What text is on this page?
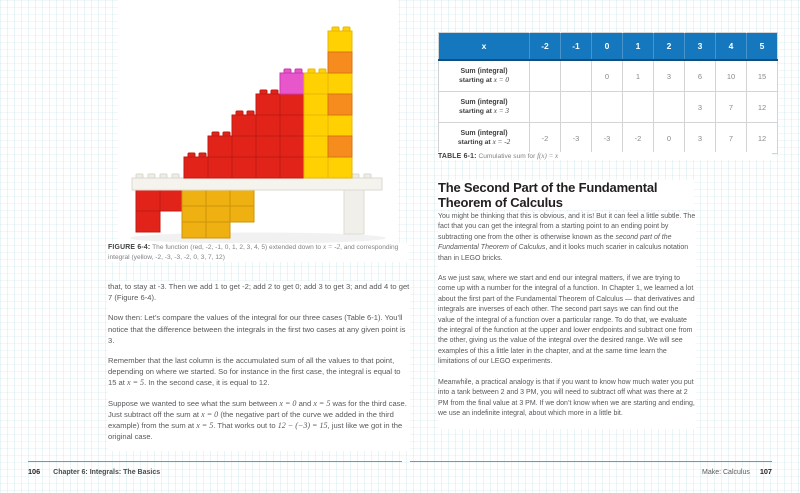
FIGURE 6-4: The function (red, -2, -1, 0, 1, 2, 3, 4, 5) extended down to x = -2, and corresponding integral (yellow, -2, -3, -3, -2, 0, 3, 7, 12)

that, to stay at -3. Then we add 1 to get -2; add 2 to get 0; add 3 to get 3; and add 4 to get 7 (Figure 6-4).

Now then: Let’s compare the values of the integral for our three cases (Table 6-1). You’ll notice that the difference between the integrals in the first two cases at any given point is 3.

Remember that the last column is the accumulated sum of all the values to that point, depending on where we started. So for instance in the first case, the integral is equal to 15 at x = 5. In the second case, it is equal to 12.

Suppose we wanted to see what the sum between x = 0 and x = 5 was for the third case. Just subtract off the sum at x = 0 (the negative part of the curve we added in the third example) from the sum at x = 5. That works out to 12 − (−3) = 15, just like we got in the original case.

106 Chapter 6: Integrals: The Basics
x	-2	-1	0	1	2	3	4	5

Sum (integral)
starting at x = 0			0	1	3	6	10	15

Sum (integral)
starting at x = 3						3	7	12

Sum (integral)
starting at x = -2	-2	-3	-3	-2	0	3	7	12
TABLE 6-1: Cumulative sum for f(x) = x
The Second Part of the Fundamental Theorem of Calculus

You might be thinking that this is obvious, and it is! But it can feel a little subtle. The fact that you can get the integral from a starting point to an ending point by subtracting one from the other is otherwise known as the second part of the Fundamental Theorem of Calculus, and it looks much scarier in calculus notation than in LEGO bricks.

As we just saw, where we start and end our integral matters, if we are trying to come up with a number for the integral of a function. In Chapter 1, we learned a lot about the first part of the Fundamental Theorem of Calculus — that derivatives and integrals are inverses of each other. The second part says we can find out the value of the integral of a function over a particular range. To do that, we evaluate the integral of the function at the upper and lower endpoints and subtract one from the other, giving us the value of the integral over the desired range. We will see examples of this a little later in the chapter, and at the same time learn the limitations of our LEGO experiments.

Meanwhile, a practical analogy is that if you want to know how much water you put into a tank between 2 and 3 PM, you will need to subtract off what was there at 2 PM from the final value at 3 PM. If we don’t know when we are starting and ending, we use an indefinite integral, about which more in a little bit.

Make: Calculus 107
